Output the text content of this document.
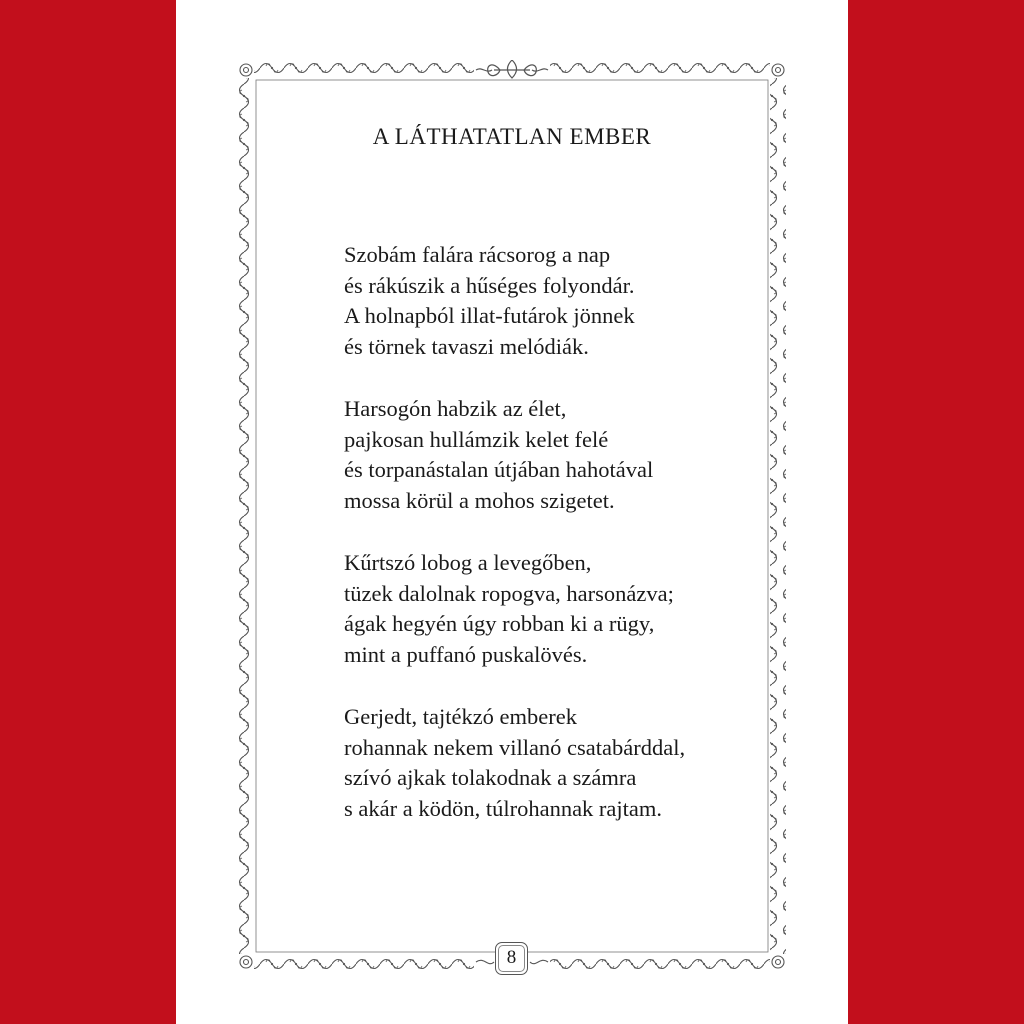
A LÁTHATATLAN EMBER

Szobám falára rácsorog a nap
és rákúszik a hűséges folyondár.
A holnapból illat-futárok jönnek
és törnek tavaszi melódiák.

Harsogón habzik az élet,
pajkosan hullámzik kelet felé
és torpanástalan útjában hahotával
mossa körül a mohos szigetet.

Kűrtszó lobog a levegőben,
tüzek dalolnak ropogva, harsonázva;
ágak hegyén úgy robban ki a rügy,
mint a puffanó puskalövés.

Gerjedt, tajtékzó emberek
rohannak nekem villanó csatabárddal,
szívó ajkak tolakodnak a számra
s akár a ködön, túlrohannak rajtam.

8
